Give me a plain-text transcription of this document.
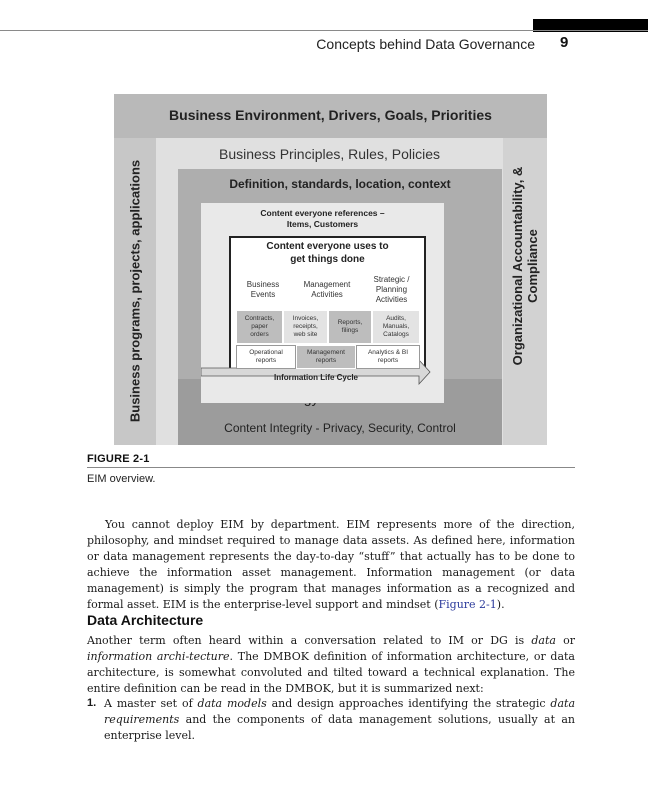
Concepts behind Data Governance 9
Business Environment, Drivers, Goals, Priorities
Business programs, projects, applications	Organizational Accountability, & Compliance
Business Principles, Rules, Policies
Definition, standards, location, context
Content Integrity - Privacy, Security, Control
Content everyone references –
Items, Customers
Content everyone uses to
get things done
Information Life Cycle
Business
Events
Management
Activities
Strategic /
Planning
Activities
Contracts,
paper
orders
Invoices,
receipts,
web site
Reports,
filings
Audits,
Manuals,
Catalogs
Operational
reports
Management
reports
Analytics & BI
reports
FIGURE 2-1
EIM overview.

You cannot deploy EIM by department. EIM represents more of the direction, philosophy, and mindset required to manage data assets. As defined here, information or data management represents the day-to-day “stuff” that actually has to be done to achieve the information asset management. Information management (or data management) is simply the program that manages information as a recognized and formal asset. EIM is the enterprise-level support and mindset (Figure 2-1).

Data Architecture

Another term often heard within a conversation related to IM or DG is data or information archi-tecture. The DMBOK definition of information architecture, or data architecture, is somewhat convoluted and tilted toward a technical explanation. The entire definition can be read in the DMBOK, but it is summarized next:

1. A master set of data models and design approaches identifying the strategic data requirements and the components of data management solutions, usually at an enterprise level.
